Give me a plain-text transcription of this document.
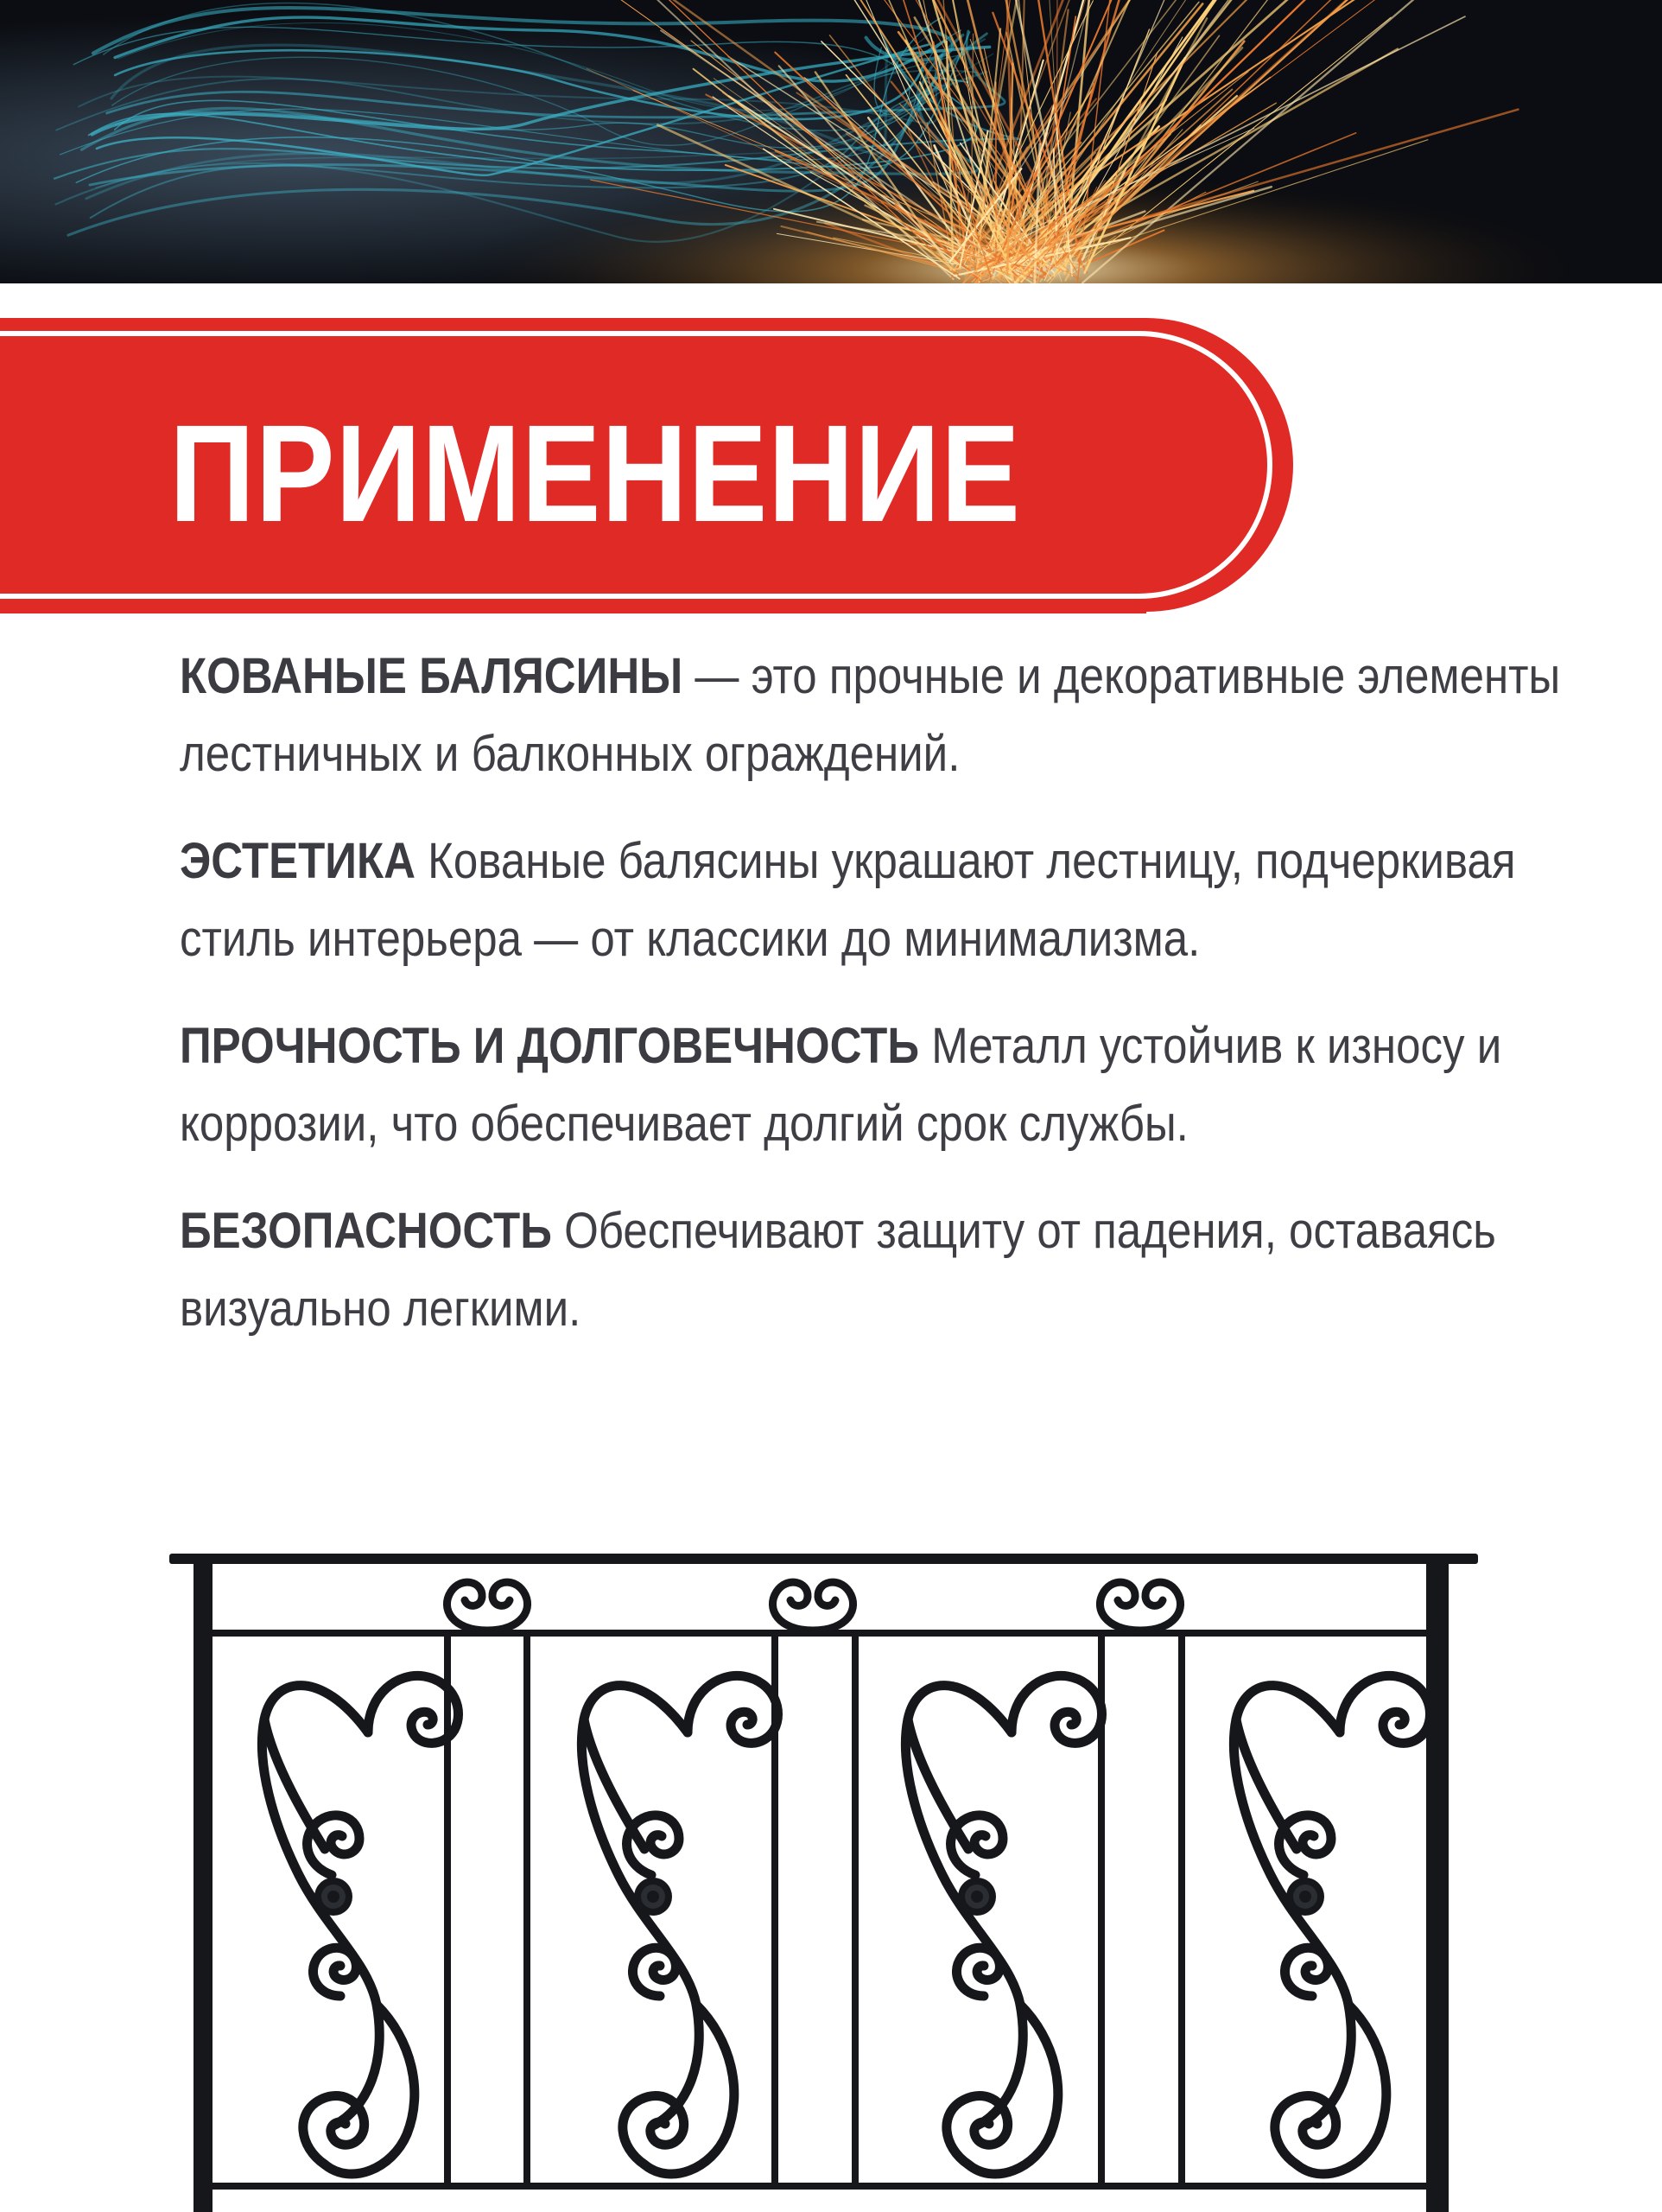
ПРИМЕНЕНИЕ

КОВАНЫЕ БАЛЯСИНЫ — это прочные и декоративные элементы лестничных и балконных ограждений.

ЭСТЕТИКА Кованые балясины украшают лестницу, подчеркивая стиль интерьера — от классики до минимализма.

ПРОЧНОСТЬ И ДОЛГОВЕЧНОСТЬ Металл устойчив к износу и коррозии, что обеспечивает долгий срок службы.

БЕЗОПАСНОСТЬ Обеспечивают защиту от падения, оставаясь визуально легкими.
